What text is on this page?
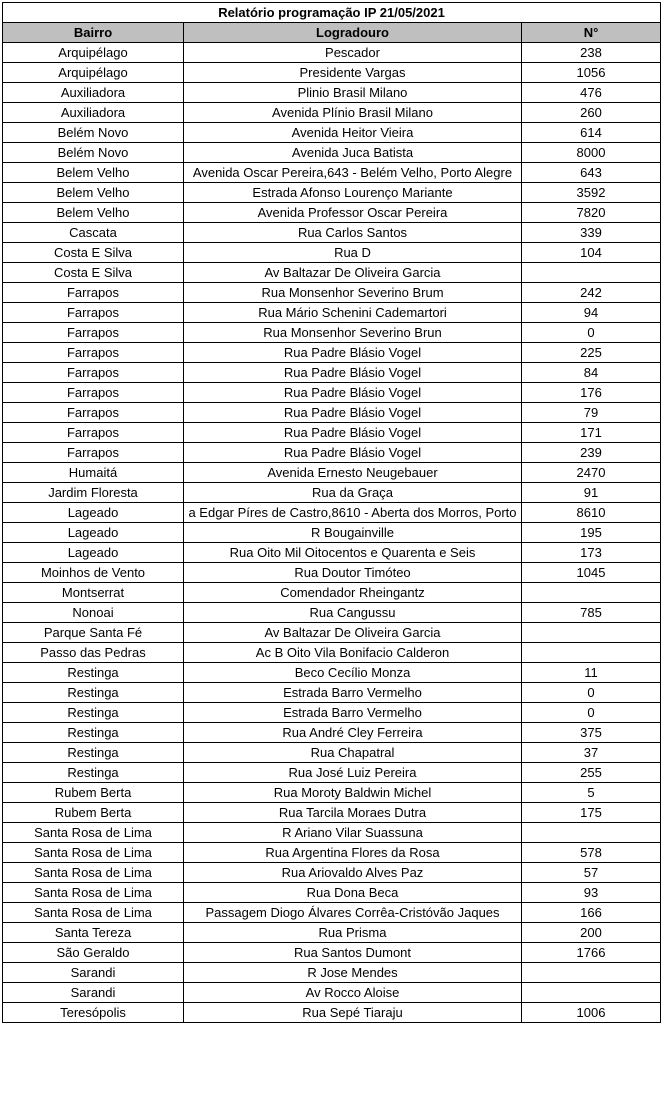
Relatório programação IP 21/05/2021		
Bairro	Logradouro	N°
Arquipélago	Pescador	238
Arquipélago	Presidente Vargas	1056
Auxiliadora	Plinio Brasil Milano	476
Auxiliadora	Avenida Plínio Brasil Milano	260
Belém Novo	Avenida Heitor Vieira	614
Belém Novo	Avenida Juca Batista	8000
Belem Velho	Avenida Oscar Pereira,643 - Belém Velho, Porto Alegre	643
Belem Velho	Estrada Afonso Lourenço Mariante	3592
Belem Velho	Avenida Professor Oscar Pereira	7820
Cascata	Rua Carlos Santos	339
Costa E Silva	Rua D	104
Costa E Silva	Av Baltazar De Oliveira Garcia	
Farrapos	Rua Monsenhor Severino Brum	242
Farrapos	Rua Mário Schenini Cademartori	94
Farrapos	Rua Monsenhor Severino Brun	0
Farrapos	Rua Padre Blásio Vogel	225
Farrapos	Rua Padre Blásio Vogel	84
Farrapos	Rua Padre Blásio Vogel	176
Farrapos	Rua Padre Blásio Vogel	79
Farrapos	Rua Padre Blásio Vogel	171
Farrapos	Rua Padre Blásio Vogel	239
Humaitá	Avenida Ernesto Neugebauer	2470
Jardim Floresta	Rua da Graça	91
Lageado	a Edgar Píres de Castro,8610 - Aberta dos Morros, Porto	8610
Lageado	R Bougainville	195
Lageado	Rua Oito Mil Oitocentos e Quarenta e Seis	173
Moinhos de Vento	Rua Doutor Timóteo	1045
Montserrat	Comendador Rheingantz	
Nonoai	Rua Cangussu	785
Parque Santa Fé	Av Baltazar De Oliveira Garcia	
Passo das Pedras	Ac B Oito Vila Bonifacio Calderon	
Restinga	Beco Cecílio Monza	11
Restinga	Estrada Barro Vermelho	0
Restinga	Estrada Barro Vermelho	0
Restinga	Rua André Cley Ferreira	375
Restinga	Rua Chapatral	37
Restinga	Rua José Luiz Pereira	255
Rubem Berta	Rua Moroty Baldwin Michel	5
Rubem Berta	Rua Tarcila Moraes Dutra	175
Santa Rosa de Lima	R Ariano Vilar Suassuna	
Santa Rosa de Lima	Rua Argentina Flores da Rosa	578
Santa Rosa de Lima	Rua Ariovaldo Alves Paz	57
Santa Rosa de Lima	Rua Dona Beca	93
Santa Rosa de Lima	Passagem Diogo Álvares Corrêa-Cristóvão Jaques	166
Santa Tereza	Rua Prisma	200
São Geraldo	Rua Santos Dumont	1766
Sarandi	R Jose Mendes	
Sarandi	Av Rocco Aloise	
Teresópolis	Rua Sepé Tiaraju	1006
